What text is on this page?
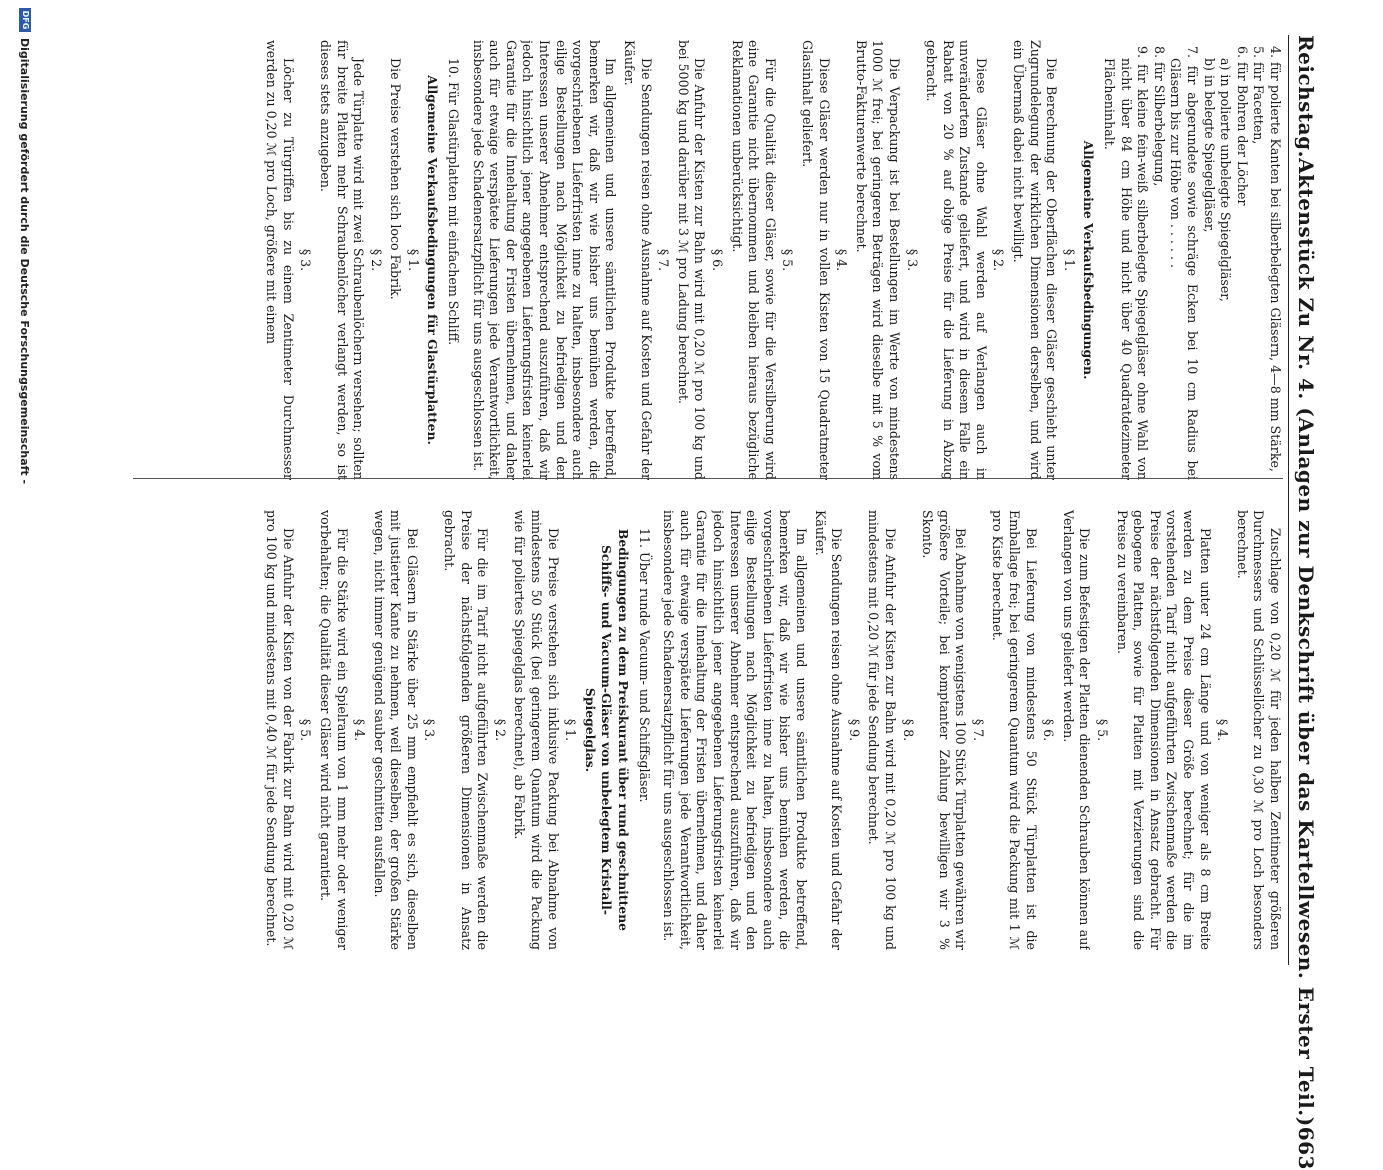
Reichstag.
Aktenstück Zu Nr. 4. (Anlagen zur Denkschrift über das Kartellwesen. Erster Teil.)
663
4. für polierte Kanten bei silberbelegten Gläsern, 4—8 mm Stärke,
5. für Facetten,
6. für Bohren der Löcher
a) in polierte unbelegte Spiegelgläser,
b) in belegte Spiegelgläser,
7. für abgerundete sowie schräge Ecken bei 10 cm Radius bei Gläsern bis zur Höhe von . . . . . .
8. für Silberbelegung,
9. für kleine fein-weiß silberbelegte Spiegelgläser ohne Wahl von nicht über 84 cm Höhe und nicht über 40 Quadratdezimeter Flächeninhalt.
Allgemeine Verkaufsbedingungen.
§ 1.
Die Berechnung der Oberflächen dieser Gläser geschieht unter Zugrundelegung der wirklichen Dimensionen derselben, und wird ein Übermaß dabei nicht bewilligt.
§ 2.
Diese Gläser ohne Wahl werden auf Verlangen auch in unverändertem Zustande geliefert, und wird in diesem Falle ein Rabatt von 20 % auf obige Preise für die Lieferung in Abzug gebracht.
§ 3.
Die Verpackung ist bei Bestellungen im Werte von mindestens 1000 ℳ frei; bei geringeren Beträgen wird dieselbe mit 5 % vom Brutto-Fakturenwerte berechnet.
§ 4.
Diese Gläser werden nur in vollen Kisten von 15 Quadratmeter Glasinhalt geliefert.
§ 5.
Für die Qualität dieser Gläser, sowie für die Versilberung wird eine Garantie nicht übernommen und bleiben hieraus bezügliche Reklamationen unberücksichtigt.
§ 6.
Die Anfuhr der Kisten zur Bahn wird mit 0,20 ℳ pro 100 kg und bei 5000 kg und darüber mit 3 ℳ pro Ladung berechnet.
§ 7.
Die Sendungen reisen ohne Ausnahme auf Kosten und Gefahr der Käufer.
Im allgemeinen und unsere sämtlichen Produkte betreffend, bemerken wir, daß wir wie bisher uns bemühen werden, die vorgeschriebenen Lieferfristen inne zu halten, insbesondere auch eilige Bestellungen nach Möglichkeit zu befriedigen und den Interessen unserer Abnehmer entsprechend auszuführen, daß wir jedoch hinsichtlich jener angegebenen Lieferungsfristen keinerlei Garantie für die Innehaltung der Fristen übernehmen, und daher auch für etwaige verspätete Lieferungen jede Verantwortlichkeit, insbesondere jede Schadenersatzpflicht für uns ausgeschlossen ist.
10. Für Glastürplatten mit einfachem Schliff.
Allgemeine Verkaufsbedingungen für Glastürplatten.
§ 1.
Die Preise verstehen sich loco Fabrik.
§ 2.
Jede Türplatte wird mit zwei Schraubenlöchern versehen; sollten für breite Platten mehr Schraubenlöcher verlangt werden, so ist dieses stets anzugeben.
§ 3.
Löcher zu Türgriffen bis zu einem Zentimeter Durchmesser werden zu 0,20 ℳ pro Loch, größere mit einem
Zuschlage von 0,20 ℳ für jeden halben Zentimeter größeren Durchmessers und Schlüssellöcher zu 0,30 ℳ pro Loch besonders berechnet.
§ 4.
Platten unter 24 cm Länge und von weniger als 8 cm Breite werden zu dem Preise dieser Größe berechnet; für die im vorstehenden Tarif nicht aufgeführten Zwischenmaße werden die Preise der nächstfolgenden Dimensionen in Ansatz gebracht. Für gebogene Platten, sowie für Platten mit Verzierungen sind die Preise zu vereinbaren.
§ 5.
Die zum Befestigen der Platten dienenden Schrauben können auf Verlangen von uns geliefert werden.
§ 6.
Bei Lieferung von mindestens 50 Stück Türplatten ist die Emballage frei; bei geringerem Quantum wird die Packung mit 1 ℳ pro Kiste berechnet.
§ 7.
Bei Abnahme von wenigstens 100 Stück Türplatten gewähren wir größere Vorteile; bei komptanter Zahlung bewilligen wir 3 % Skonto.
§ 8.
Die Anfuhr der Kisten zur Bahn wird mit 0,20 ℳ pro 100 kg und mindestens mit 0,20 ℳ für jede Sendung berechnet.
§ 9.
Die Sendungen reisen ohne Ausnahme auf Kosten und Gefahr der Käufer.
Im allgemeinen und unsere sämtlichen Produkte betreffend, bemerken wir, daß wir wie bisher uns bemühen werden, die vorgeschriebenen Lieferfristen inne zu halten, insbesondere auch eilige Bestellungen nach Möglichkeit zu befriedigen und den Interessen unserer Abnehmer entsprechend auszuführen, daß wir jedoch hinsichtlich jener angegebenen Lieferungsfristen keinerlei Garantie für die Innehaltung der Fristen übernehmen, und daher auch für etwaige verspätete Lieferungen jede Verantwortlichkeit, insbesondere jede Schadenersatzpflicht für uns ausgeschlossen ist.
11. Über runde Vacuum- und Schiffsgläser.
Bedingungen zu dem Preiskurant über rund geschnittene Schiffs- und Vacuum-Gläser von unbelegtem Kristall-Spiegelglas.
§ 1.
Die Preise verstehen sich inklusive Packung bei Abnahme von mindestens 50 Stück (bei geringerem Quantum wird die Packung wie für poliertes Spiegelglas berechnet), ab Fabrik.
§ 2.
Für die im Tarif nicht aufgeführten Zwischenmaße werden die Preise der nächstfolgenden größeren Dimensionen in Ansatz gebracht.
§ 3.
Bei Gläsern in Stärke über 25 mm empfiehlt es sich, dieselben mit justierter Kante zu nehmen, weil dieselben, der großen Stärke wegen, nicht immer genügend sauber geschnitten ausfallen.
§ 4.
Für die Stärke wird ein Spielraum von 1 mm mehr oder weniger vorbehalten; die Qualität dieser Gläser wird nicht garantiert.
§ 5.
Die Anfuhr der Kisten von der Fabrik zur Bahn wird mit 0,20 ℳ pro 100 kg und mindestens mit 0,40 ℳ für jede Sendung berechnet.
DFG
Digitalisierung gefördert durch die Deutsche Forschungsgemeinschaft -
